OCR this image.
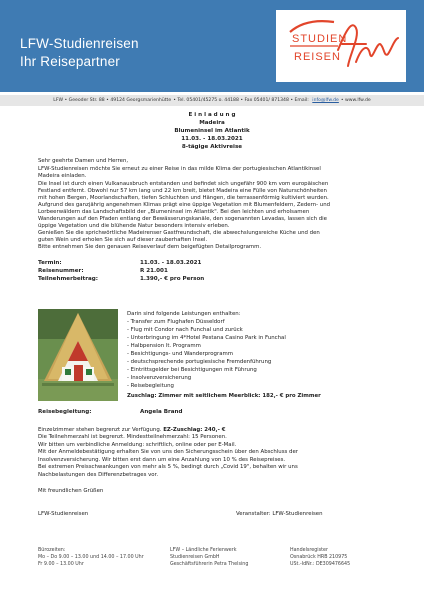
LFW-Studienreisen
Ihr Reisepartner
STUDIEN
REISEN
LFW • Geeoder Str. 88 • 49124 Georgsmarienhütte • Tel. 05401/45275 o. 44188 • Fax 05401/ 871348 • Email: info@lfw.de • www.lfw.de
E i n l a d u n g
Madeira
Blumeninsel im Atlantik
11.03. - 18.03.2021
8-tägige Aktivreise
Sehr geehrte Damen und Herren,
LFW-Studienreisen möchte Sie erneut zu einer Reise in das milde Klima der portugiesischen Atlantikinsel
Madeira einladen.
Die Insel ist durch einen Vulkanausbruch entstanden und befindet sich ungefähr 900 km vom europäischen
Festland entfernt. Obwohl nur 57 km lang und 22 km breit, bietet Madeira eine Fülle von Naturschönheiten
mit hohen Bergen, Moorlandschaften, tiefen Schluchten und Hängen, die terrassenförmig kultiviert wurden.
Aufgrund des ganzjährig angenehmen Klimas prägt eine üppige Vegetation mit Blumenfeldern, Zedern- und
Lorbeerwäldern das Landschaftsbild der „Blumeninsel im Atlantik". Bei den leichten und erholsamen
Wanderungen auf den Pfaden entlang der Bewässerungskanäle, den sogenannten Levadas, lassen sich die
üppige Vegetation und die blühende Natur besonders intensiv erleben.
Genießen Sie die sprichwörtliche Madeirenser Gastfreundschaft, die abwechslungsreiche Küche und den
guten Wein und erholen Sie sich auf dieser zauberhaften Insel.
Bitte entnehmen Sie den genauen Reiseverlauf dem beigefügten Detailprogramm.
Termin:	11.03. - 18.03.2021
Reisenummer:	R 21.001
Teilnehmerbeitrag:	1.390,- € pro Person
Darin sind folgende Leistungen enthalten:
- Transfer zum Flughafen Düsseldorf
- Flug mit Condor nach Funchal und zurück
- Unterbringung im 4*Hotel Pestana Casino Park in Funchal
- Halbpension lt. Programm
- Besichtigungs- und Wanderprogramm
- deutschsprechende portugiesische Fremdenführung
- Eintrittsgelder bei Besichtigungen mit Führung
- Insolvenzversicherung
- Reisebegleitung
Zuschlag: Zimmer mit seitlichem Meerblick: 182,- € pro Zimmer
Reisebegleitung:	Angela Brand
Einzelzimmer stehen begrenzt zur Verfügung. EZ-Zuschlag: 240,- €
Die Teilnehmerzahl ist begrenzt. Mindestteilnehmerzahl: 15 Personen.
Wir bitten um verbindliche Anmeldung: schriftlich, online oder per E-Mail.
Mit der Anmeldebestätigung erhalten Sie von uns den Sicherungsschein über den Abschluss der
Insolvenzversicherung. Wir bitten erst dann um eine Anzahlung von 10 % des Reisepreises.
Bei extremen Preisschwankungen von mehr als 5 %, bedingt durch „Covid 19", behalten wir uns
Nachbelastungen des Differenzbetrages vor.
Mit freundlichen Grüßen
LFW-Studienreisen	Veranstalter: LFW-Studienreisen
Bürozeiten:
Mo – Do 9.00 – 13.00 und 14.00 – 17.00 Uhr
Fr 9.00 – 13.00 Uhr
LFW – Ländliche Ferienwerk
Studienreisen GmbH
Geschäftsführerin Petra Thelsing
Handelsregister
Osnabrück HRB 210975
USt.-IdNr.: DE309476645
